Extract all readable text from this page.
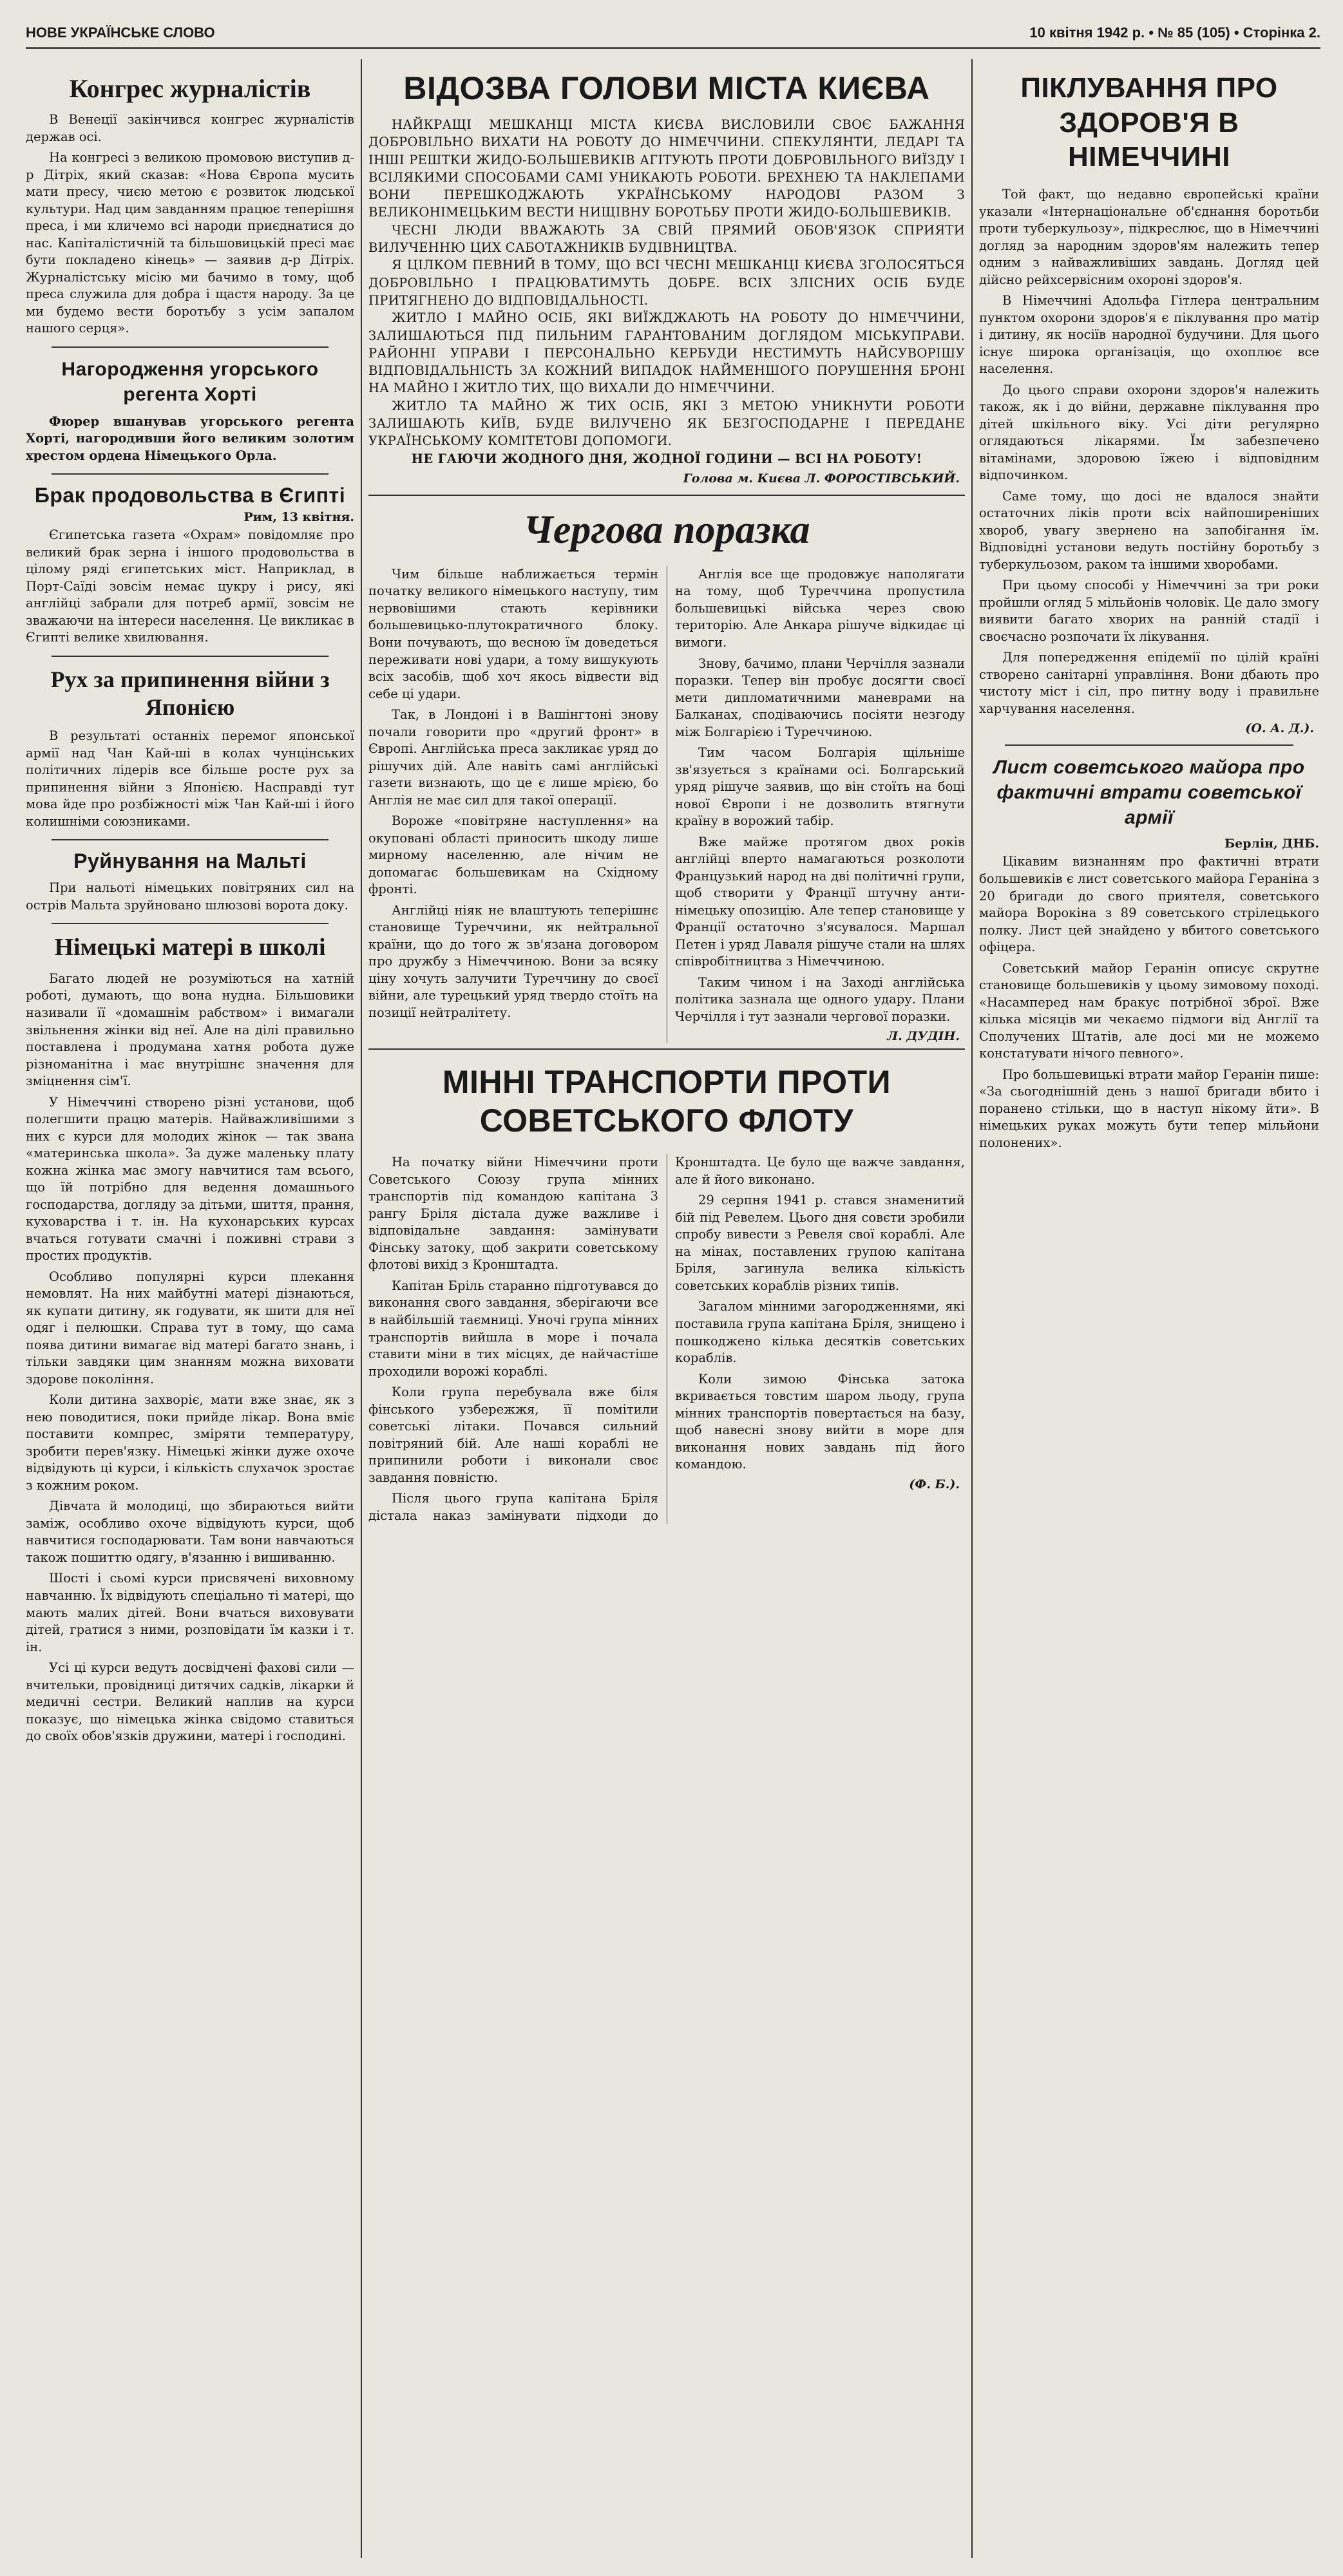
НОВЕ УКРАЇНСЬКЕ СЛОВО	10 квітня 1942 р. • № 85 (105) • Сторінка 2.
Конгрес журналістів

В Венеції закінчився конгрес журналістів держав осі.

На конгресі з великою промовою виступив д-р Дітріх, який сказав: «Нова Європа мусить мати пресу, чиєю метою є розвиток людської культури. Над цим завданням працює теперішня преса, і ми кличемо всі народи приєднатися до нас. Капіталістичній та більшовицькій пресі має бути покладено кінець» — заявив д-р Дітріх. Журналістську місію ми бачимо в тому, щоб преса служила для добра і щастя народу. За це ми будемо вести боротьбу з усім запалом нашого серця».

Нагородження угорського регента Хорті

Фюрер вшанував угорського регента Хорті, нагородивши його великим золотим хрестом ордена Німецького Орла.

Брак продовольства в Єгипті
Рим, 13 квітня.

Єгипетська газета «Охрам» повідомляє про великий брак зерна і іншого продовольства в цілому ряді єгипетських міст. Наприклад, в Порт-Саїді зовсім немає цукру і рису, які англійці забрали для потреб армії, зовсім не зважаючи на інтереси населення. Це викликає в Єгипті велике хвилювання.

Рух за припинення війни з Японією

В результаті останніх перемог японської армії над Чан Кай-ші в колах чунцінських політичних лідерів все більше росте рух за припинення війни з Японією. Насправді тут мова йде про розбіжності між Чан Кай-ші і його колишніми союзниками.

Руйнування на Мальті

При нальоті німецьких повітряних сил на острів Мальта зруйновано шлюзові ворота доку.

Німецькі матері в школі

Багато людей не розуміються на хатній роботі, думають, що вона нудна. Більшовики називали її «домашнім рабством» і вимагали звільнення жінки від неї. Але на ділі правильно поставлена і продумана хатня робота дуже різноманітна і має внутрішнє значення для зміцнення сім'ї.

У Німеччині створено різні установи, щоб полегшити працю матерів. Найважливішими з них є курси для молодих жінок — так звана «материнська школа». За дуже маленьку плату кожна жінка має змогу навчитися там всього, що їй потрібно для ведення домашнього господарства, догляду за дітьми, шиття, прання, куховарства і т. ін. На кухонарських курсах вчаться готувати смачні і поживні страви з простих продуктів.

Особливо популярні курси плекання немовлят. На них майбутні матері дізнаються, як купати дитину, як годувати, як шити для неї одяг і пелюшки. Справа тут в тому, що сама поява дитини вимагає від матері багато знань, і тільки завдяки цим знанням можна виховати здорове покоління.

Коли дитина захворіє, мати вже знає, як з нею поводитися, поки прийде лікар. Вона вміє поставити компрес, зміряти температуру, зробити перев'язку. Німецькі жінки дуже охоче відвідують ці курси, і кількість слухачок зростає з кожним роком.

Дівчата й молодиці, що збираються вийти заміж, особливо охоче відвідують курси, щоб навчитися господарювати. Там вони навчаються також пошиттю одягу, в'язанню і вишиванню.

Шості і сьомі курси присвячені виховному навчанню. Їх відвідують спеціально ті матері, що мають малих дітей. Вони вчаться виховувати дітей, гратися з ними, розповідати їм казки і т. ін.

Усі ці курси ведуть досвідчені фахові сили — вчительки, провідниці дитячих садків, лікарки й медичні сестри. Великий наплив на курси показує, що німецька жінка свідомо ставиться до своїх обов'язків дружини, матері і господині.

ВІДОЗВА ГОЛОВИ МІСТА КИЄВА

НАЙКРАЩІ МЕШКАНЦІ МІСТА КИЄВА ВИСЛОВИЛИ СВОЄ БАЖАННЯ ДОБРОВІЛЬНО ВИХАТИ НА РОБОТУ ДО НІМЕЧЧИНИ. СПЕКУЛЯНТИ, ЛЕДАРІ ТА ІНШІ РЕШТКИ ЖИДО-БОЛЬШЕВИКІВ АГІТУЮТЬ ПРОТИ ДОБРОВІЛЬНОГО ВИЇЗДУ І ВСІЛЯКИМИ СПОСОБАМИ САМІ УНИКАЮТЬ РОБОТИ. БРЕХНЕЮ ТА НАКЛЕПАМИ ВОНИ ПЕРЕШКОДЖАЮТЬ УКРАЇНСЬКОМУ НАРОДОВІ РАЗОМ З ВЕЛИКОНІМЕЦЬКИМ ВЕСТИ НИЩІВНУ БОРОТЬБУ ПРОТИ ЖИДО-БОЛЬШЕВИКІВ.

ЧЕСНІ ЛЮДИ ВВАЖАЮТЬ ЗА СВІЙ ПРЯМИЙ ОБОВ'ЯЗОК СПРИЯТИ ВИЛУЧЕННЮ ЦИХ САБОТАЖНИКІВ БУДІВНИЦТВА.

Я ЦІЛКОМ ПЕВНИЙ В ТОМУ, ЩО ВСІ ЧЕСНІ МЕШКАНЦІ КИЄВА ЗГОЛОСЯТЬСЯ ДОБРОВІЛЬНО І ПРАЦЮВАТИМУТЬ ДОБРЕ. ВСІХ ЗЛІСНИХ ОСІБ БУДЕ ПРИТЯГНЕНО ДО ВІДПОВІДАЛЬНОСТІ.

ЖИТЛО І МАЙНО ОСІБ, ЯКІ ВИЇЖДЖАЮТЬ НА РОБОТУ ДО НІМЕЧЧИНИ, ЗАЛИШАЮТЬСЯ ПІД ПИЛЬНИМ ГАРАНТОВАНИМ ДОГЛЯДОМ МІСЬКУПРАВИ. РАЙОННІ УПРАВИ І ПЕРСОНАЛЬНО КЕРБУДИ НЕСТИМУТЬ НАЙСУВОРІШУ ВІДПОВІДАЛЬНІСТЬ ЗА КОЖНИЙ ВИПАДОК НАЙМЕНШОГО ПОРУШЕННЯ БРОНІ НА МАЙНО І ЖИТЛО ТИХ, ЩО ВИХАЛИ ДО НІМЕЧЧИНИ.

ЖИТЛО ТА МАЙНО Ж ТИХ ОСІБ, ЯКІ З МЕТОЮ УНИКНУТИ РОБОТИ ЗАЛИШАЮТЬ КИЇВ, БУДЕ ВИЛУЧЕНО ЯК БЕЗГОСПОДАРНЕ І ПЕРЕДАНЕ УКРАЇНСЬКОМУ КОМІТЕТОВІ ДОПОМОГИ.

НЕ ГАЮЧИ ЖОДНОГО ДНЯ, ЖОДНОЇ ГОДИНИ — ВСІ НА РОБОТУ!

Голова м. Києва Л. ФОРОСТІВСЬКИЙ.
Чергова поразка

Чим більше наближається термін початку великого німецького наступу, тим нервовішими стають керівники большевицько-плутократичного блоку. Вони почувають, що весною їм доведеться переживати нові удари, а тому вишукують всіх засобів, щоб хоч якось відвести від себе ці удари.

Так, в Лондоні і в Вашінгтоні знову почали говорити про «другий фронт» в Європі. Англійська преса закликає уряд до рішучих дій. Але навіть самі англійські газети визнають, що це є лише мрією, бо Англія не має сил для такої операції.

Вороже «повітряне наступлення» на окуповані області приносить шкоду лише мирному населенню, але нічим не допомагає большевикам на Східному фронті.

Англійці ніяк не влаштують теперішнє становище Туреччини, як нейтральної країни, що до того ж зв'язана договором про дружбу з Німеччиною. Вони за всяку ціну хочуть залучити Туреччину до своєї війни, але турецький уряд твердо стоїть на позиції нейтралітету.

Англія все ще продовжує наполягати на тому, щоб Туреччина пропустила большевицькі війська через свою територію. Але Анкара рішуче відкидає ці вимоги.

Знову, бачимо, плани Черчілля зазнали поразки. Тепер він пробує досягти своєї мети дипломатичними маневрами на Балканах, сподіваючись посіяти незгоду між Болгарією і Туреччиною.

Тим часом Болгарія щільніше зв'язується з країнами осі. Болгарський уряд рішуче заявив, що він стоїть на боці нової Європи і не дозволить втягнути країну в ворожий табір.

Вже майже протягом двох років англійці вперто намагаються розколоти Французький народ на дві політичні групи, щоб створити у Франції штучну анти-німецьку опозицію. Але тепер становище у Франції остаточно з'ясувалося. Маршал Петен і уряд Лаваля рішуче стали на шлях співробітництва з Німеччиною.

Таким чином і на Заході англійська політика зазнала ще одного удару. Плани Черчілля і тут зазнали чергової поразки.

Л. ДУДІН.
МІННІ ТРАНСПОРТИ ПРОТИ СОВЕТСЬКОГО ФЛОТУ

На початку війни Німеччини проти Советського Союзу група мінних транспортів під командою капітана 3 рангу Бріля дістала дуже важливе і відповідальне завдання: замінувати Фінську затоку, щоб закрити советському флотові вихід з Кронштадта.

Капітан Бріль старанно підготувався до виконання свого завдання, зберігаючи все в найбільшій таємниці. Уночі група мінних транспортів вийшла в море і почала ставити міни в тих місцях, де найчастіше проходили ворожі кораблі.

Коли група перебувала вже біля фінського узбережжя, її помітили советські літаки. Почався сильний повітряний бій. Але наші кораблі не припинили роботи і виконали своє завдання повністю.

Після цього група капітана Бріля дістала наказ замінувати підходи до Кронштадта. Це було ще важче завдання, але й його виконано.

29 серпня 1941 р. стався знаменитий бій під Ревелем. Цього дня совєти зробили спробу вивести з Ревеля свої кораблі. Але на мінах, поставлених групою капітана Бріля, загинула велика кількість советських кораблів різних типів.

Загалом мінними загородженнями, які поставила група капітана Бріля, знищено і пошкоджено кілька десятків советських кораблів.

Коли зимою Фінська затока вкривається товстим шаром льоду, група мінних транспортів повертається на базу, щоб навесні знову вийти в море для виконання нових завдань під його командою.

(Ф. Б.).
ПІКЛУВАННЯ ПРО ЗДОРОВ'Я В НІМЕЧЧИНІ

Той факт, що недавно європейські країни указали «Інтернаціональне об'єднання боротьби проти туберкульозу», підкреслює, що в Німеччині догляд за народним здоров'ям належить тепер одним з найважливіших завдань. Догляд цей дійсно рейхсервісним охороні здоров'я.

В Німеччині Адольфа Гітлера центральним пунктом охорони здоров'я є піклування про матір і дитину, як носіїв народної будучини. Для цього існує широка організація, що охоплює все населення.

До цього справи охорони здоров'я належить також, як і до війни, державне піклування про дітей шкільного віку. Усі діти регулярно оглядаються лікарями. Їм забезпечено вітамінами, здоровою їжею і відповідним відпочинком.

Саме тому, що досі не вдалося знайти остаточних ліків проти всіх найпоширеніших хвороб, увагу звернено на запобігання їм. Відповідні установи ведуть постійну боротьбу з туберкульозом, раком та іншими хворобами.

При цьому способі у Німеччині за три роки пройшли огляд 5 мільйонів чоловік. Це дало змогу виявити багато хворих на ранній стадії і своєчасно розпочати їх лікування.

Для попередження епідемії по цілій країні створено санітарні управління. Вони дбають про чистоту міст і сіл, про питну воду і правильне харчування населення.

(О. А. Д.).
Лист советського майора про фактичні втрати советської армії
Берлін, ДНБ.

Цікавим визнанням про фактичні втрати большевиків є лист советського майора Гераніна з 20 бригади до свого приятеля, советського майора Ворокіна з 89 советського стрілецького полку. Лист цей знайдено у вбитого советського офіцера.

Советський майор Геранін описує скрутне становище большевиків у цьому зимовому поході. «Насамперед нам бракує потрібної зброї. Вже кілька місяців ми чекаємо підмоги від Англії та Сполучених Штатів, але досі ми не можемо констатувати нічого певного».

Про большевицькі втрати майор Геранін пише: «За сьогоднішній день з нашої бригади вбито і поранено стільки, що в наступ нікому йти». В німецьких руках можуть бути тепер мільйони полонених».
